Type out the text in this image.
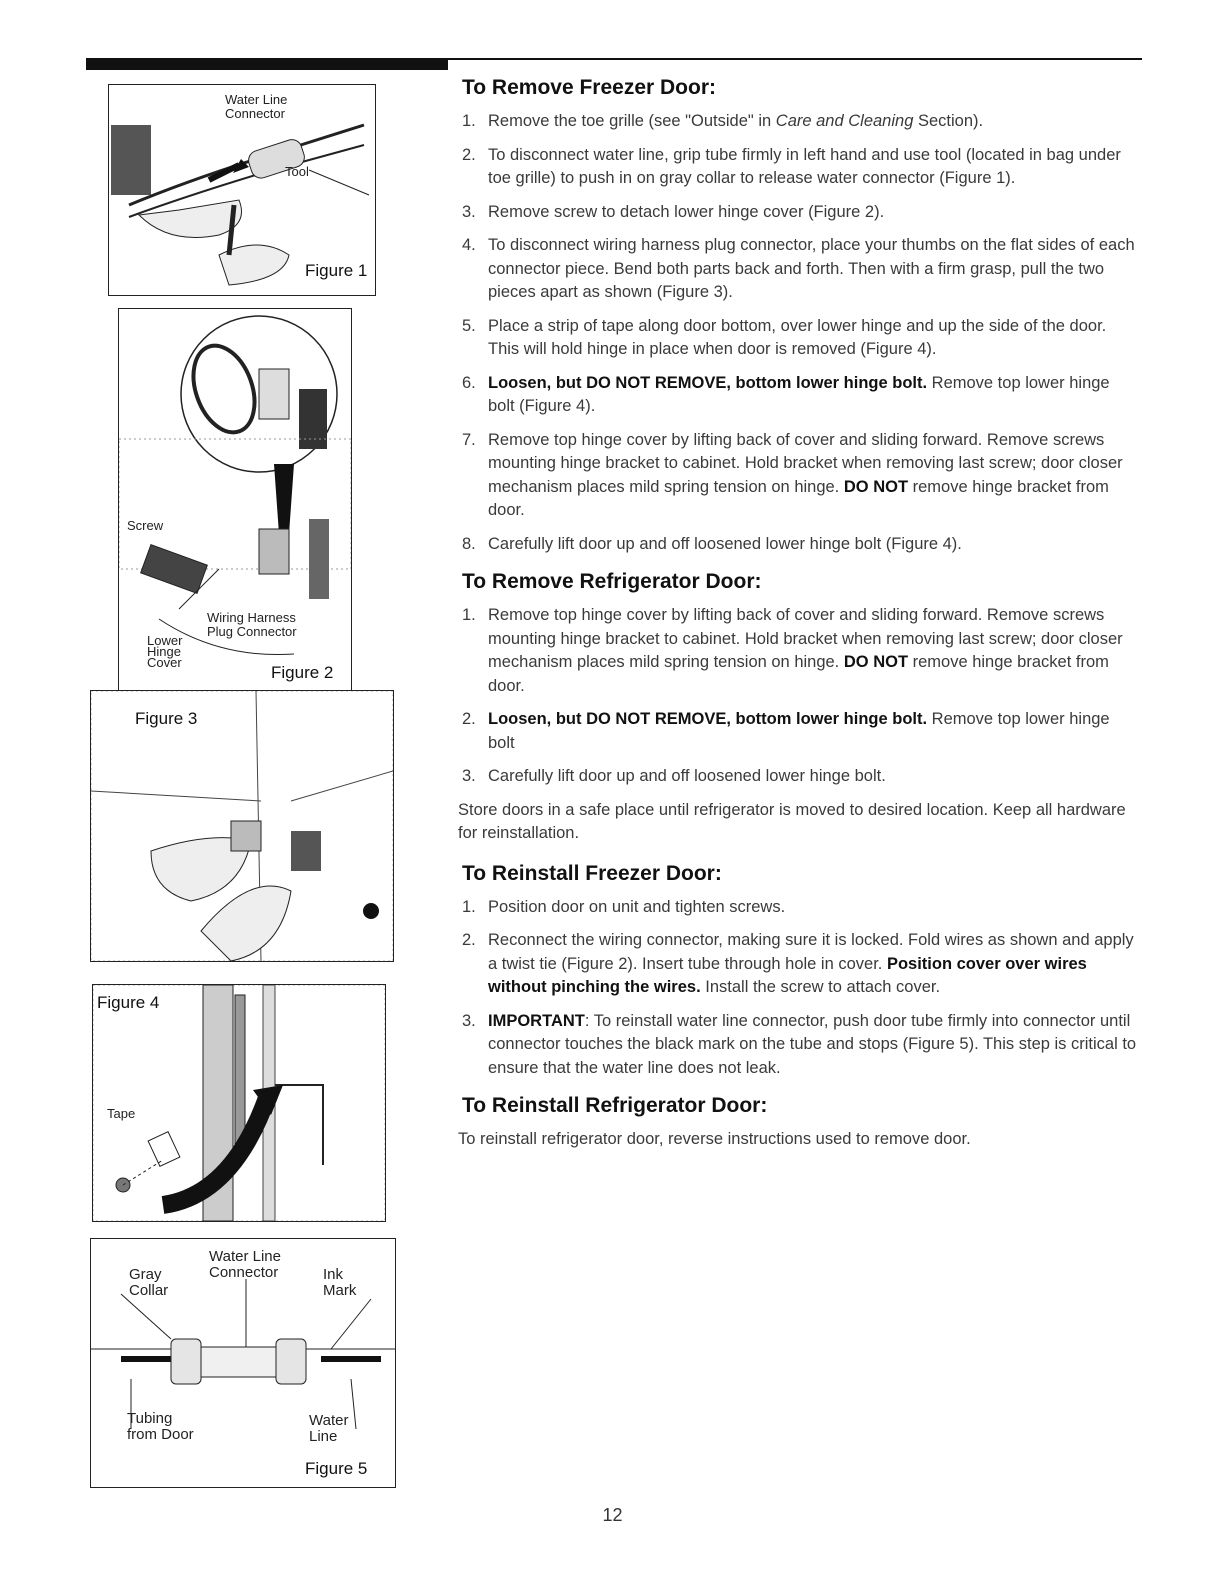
Water Line
Connector
Tool
Figure 1
Screw
Wiring Harness
Plug Connector
Lower
Hinge
Cover
Figure 2
Figure 3
Figure 4
Tape
Water Line
Connector
Gray
Collar
Ink
Mark
Tubing
from Door
Water
Line
Figure 5
To Remove Freezer Door:
1. Remove the toe grille (see "Outside" in Care and Cleaning Section).
2. To disconnect water line, grip tube firmly in left hand and use tool (located in bag under toe grille) to push in on gray collar to release water connector (Figure 1).
3. Remove screw to detach lower hinge cover (Figure 2).
4. To disconnect wiring harness plug connector, place your thumbs on the flat sides of each connector piece. Bend both parts back and forth. Then with a firm grasp, pull the two pieces apart as shown (Figure 3).
5. Place a strip of tape along door bottom, over lower hinge and up the side of the door. This will hold hinge in place when door is removed (Figure 4).
6. Loosen, but DO NOT REMOVE, bottom lower hinge bolt. Remove top lower hinge bolt (Figure 4).
7. Remove top hinge cover by lifting back of cover and sliding forward. Remove screws mounting hinge bracket to cabinet. Hold bracket when removing last screw; door closer mechanism places mild spring tension on hinge. DO NOT remove hinge bracket from door.
8. Carefully lift door up and off loosened lower hinge bolt (Figure 4).
To Remove Refrigerator Door:
1. Remove top hinge cover by lifting back of cover and sliding forward. Remove screws mounting hinge bracket to cabinet. Hold bracket when removing last screw; door closer mechanism places mild spring tension on hinge. DO NOT remove hinge bracket from door.
2. Loosen, but DO NOT REMOVE, bottom lower hinge bolt. Remove top lower hinge bolt
3. Carefully lift door up and off loosened lower hinge bolt.

Store doors in a safe place until refrigerator is moved to desired location. Keep all hardware for reinstallation.

To Reinstall Freezer Door:
1. Position door on unit and tighten screws.
2. Reconnect the wiring connector, making sure it is locked. Fold wires as shown and apply a twist tie (Figure 2). Insert tube through hole in cover. Position cover over wires without pinching the wires. Install the screw to attach cover.
3. IMPORTANT: To reinstall water line connector, push door tube firmly into connector until connector touches the black mark on the tube and stops (Figure 5). This step is critical to ensure that the water line does not leak.
To Reinstall Refrigerator Door:

To reinstall refrigerator door, reverse instructions used to remove door.

12
